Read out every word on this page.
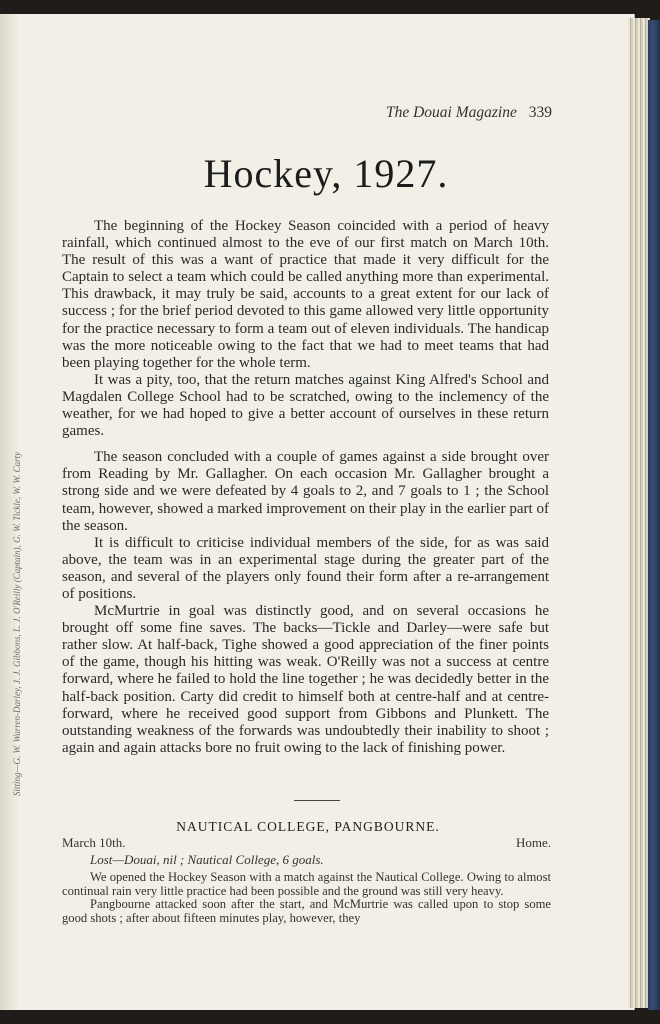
Sitting—G. W. Warren-Darley, J. J. Gibbons, L. J. O'Reilly (Captain), G. W. Tickle, W. W. Carty
The Douai Magazine 339
Hockey, 1927.

The beginning of the Hockey Season coincided with a period of heavy rainfall, which continued almost to the eve of our first match on March 10th. The result of this was a want of practice that made it very difficult for the Captain to select a team which could be called anything more than experimental. This drawback, it may truly be said, accounts to a great extent for our lack of success ; for the brief period devoted to this game allowed very little opportunity for the practice necessary to form a team out of eleven individuals. The handicap was the more noticeable owing to the fact that we had to meet teams that had been playing together for the whole term.

It was a pity, too, that the return matches against King Alfred's School and Magdalen College School had to be scratched, owing to the inclemency of the weather, for we had hoped to give a better account of ourselves in these return games.

The season concluded with a couple of games against a side brought over from Reading by Mr. Gallagher. On each occasion Mr. Gallagher brought a strong side and we were defeated by 4 goals to 2, and 7 goals to 1 ; the School team, however, showed a marked improvement on their play in the earlier part of the season.

It is difficult to criticise individual members of the side, for as was said above, the team was in an experimental stage during the greater part of the season, and several of the players only found their form after a re-arrangement of positions.

McMurtrie in goal was distinctly good, and on several occasions he brought off some fine saves. The backs—Tickle and Darley—were safe but rather slow. At half-back, Tighe showed a good appreciation of the finer points of the game, though his hitting was weak. O'Reilly was not a success at centre forward, where he failed to hold the line together ; he was decidedly better in the half-back position. Carty did credit to himself both at centre-half and at centre-forward, where he received good support from Gibbons and Plunkett. The outstanding weakness of the forwards was undoubtedly their inability to shoot ; again and again attacks bore no fruit owing to the lack of finishing power.

NAUTICAL COLLEGE, PANGBOURNE.
March 10th.	Home.
Lost—Douai, nil ; Nautical College, 6 goals.

We opened the Hockey Season with a match against the Nautical College. Owing to almost continual rain very little practice had been possible and the ground was still very heavy.

Pangbourne attacked soon after the start, and McMurtrie was called upon to stop some good shots ; after about fifteen minutes play, however, they
